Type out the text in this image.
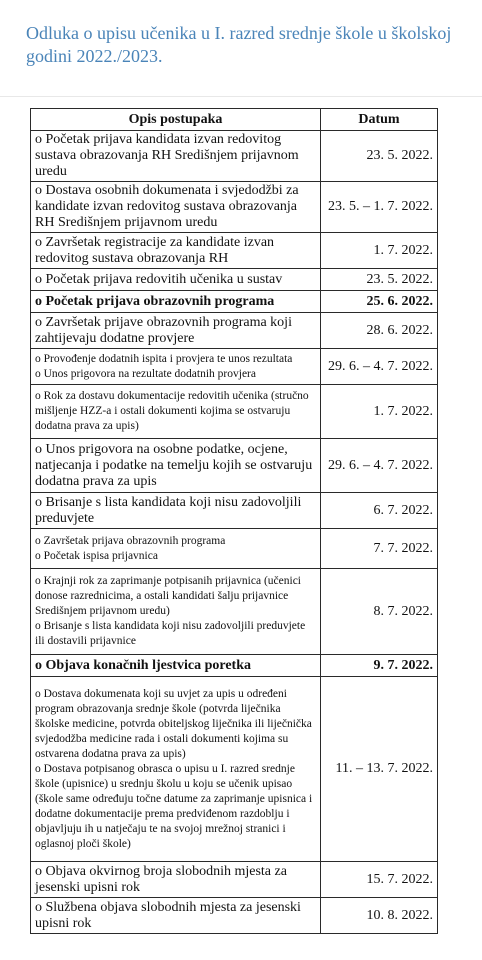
Odluka o upisu učenika u I. razred srednje škole u školskoj godini 2022./2023.
Opis postupaka	Datum

o Početak prijava kandidata izvan redovitog sustava obrazovanja RH Središnjem prijavnom uredu	23. 5. 2022.

o Dostava osobnih dokumenata i svjedodžbi za kandidate izvan redovitog sustava obrazovanja RH Središnjem prijavnom uredu	23. 5. – 1. 7. 2022.

o Završetak registracije za kandidate izvan redovitog sustava obrazovanja RH	1. 7. 2022.

o Početak prijava redovitih učenika u sustav	23. 5. 2022.

o Početak prijava obrazovnih programa	25. 6. 2022.

o Završetak prijave obrazovnih programa koji zahtijevaju dodatne provjere	28. 6. 2022.

o Provođenje dodatnih ispita i provjera te unos rezultata
o Unos prigovora na rezultate dodatnih provjera	29. 6. – 4. 7. 2022.

o Rok za dostavu dokumentacije redovitih učenika (stručno mišljenje HZZ-a i ostali dokumenti kojima se ostvaruju dodatna prava za upis)	1. 7. 2022.

o Unos prigovora na osobne podatke, ocjene, natjecanja i podatke na temelju kojih se ostvaruju dodatna prava za upis	29. 6. – 4. 7. 2022.

o Brisanje s lista kandidata koji nisu zadovoljili preduvjete	6. 7. 2022.

o Završetak prijava obrazovnih programa
o Početak ispisa prijavnica	7. 7. 2022.

o Krajnji rok za zaprimanje potpisanih prijavnica (učenici donose razrednicima, a ostali kandidati šalju prijavnice Središnjem prijavnom uredu)
o Brisanje s lista kandidata koji nisu zadovoljili preduvjete ili dostavili prijavnice	8. 7. 2022.

o Objava konačnih ljestvica poretka	9. 7. 2022.

o Dostava dokumenata koji su uvjet za upis u određeni program obrazovanja srednje škole (potvrda liječnika školske medicine, potvrda obiteljskog liječnika ili liječnička svjedodžba medicine rada i ostali dokumenti kojima su ostvarena dodatna prava za upis)
o Dostava potpisanog obrasca o upisu u I. razred srednje škole (upisnice) u srednju školu u koju se učenik upisao (škole same određuju točne datume za zaprimanje upisnica i dodatne dokumentacije prema predviđenom razdoblju i objavljuju ih u natječaju te na svojoj mrežnoj stranici i oglasnoj ploči škole)	11. – 13. 7. 2022.

o Objava okvirnog broja slobodnih mjesta za jesenski upisni rok	15. 7. 2022.

o Službena objava slobodnih mjesta za jesenski upisni rok	10. 8. 2022.
